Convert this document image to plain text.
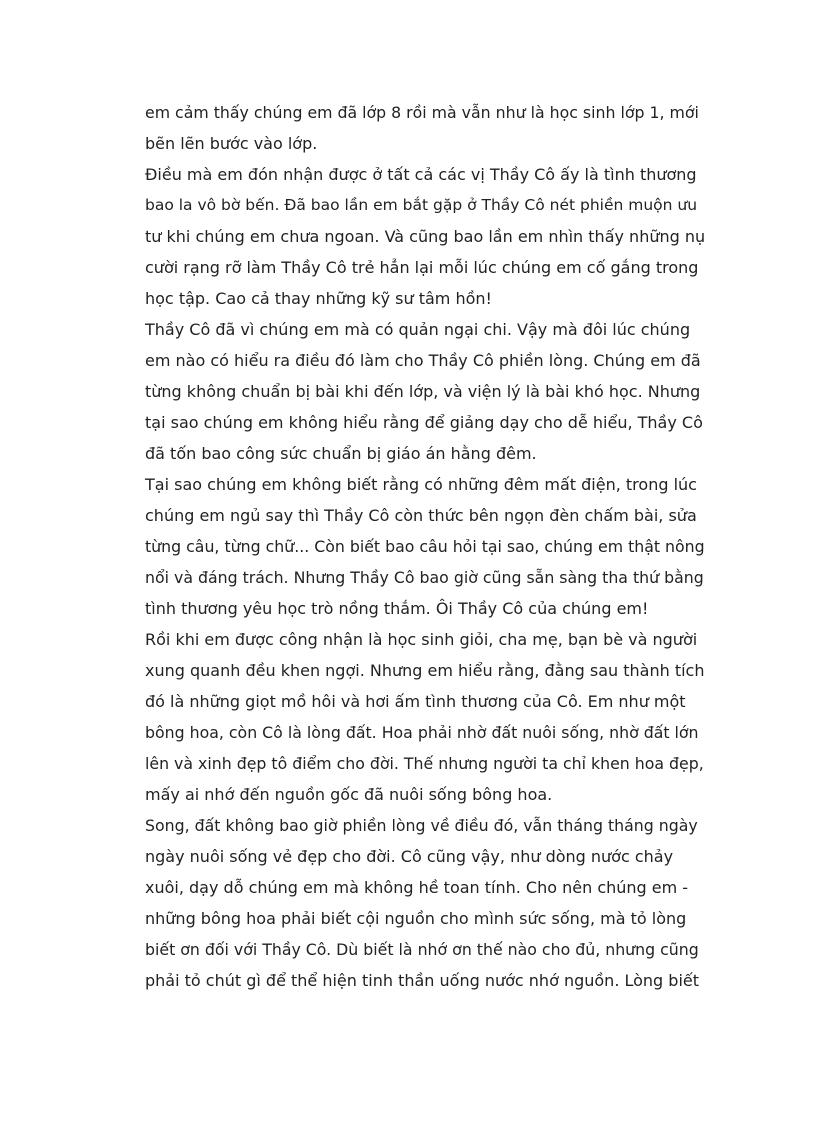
em cảm thấy chúng em đã lớp 8 rồi mà vẫn như là học sinh lớp 1, mới
bẽn lẽn bước vào lớp.
Điều mà em đón nhận được ở tất cả các vị Thầy Cô ấy là tình thương
bao la vô bờ bến. Đã bao lần em bắt gặp ở Thầy Cô nét phiền muộn ưu
tư khi chúng em chưa ngoan. Và cũng bao lần em nhìn thấy những nụ
cười rạng rỡ làm Thầy Cô trẻ hẳn lại mỗi lúc chúng em cố gắng trong
học tập. Cao cả thay những kỹ sư tâm hồn!
Thầy Cô đã vì chúng em mà có quản ngại chi. Vậy mà đôi lúc chúng
em nào có hiểu ra điều đó làm cho Thầy Cô phiền lòng. Chúng em đã
từng không chuẩn bị bài khi đến lớp, và viện lý là bài khó học. Nhưng
tại sao chúng em không hiểu rằng để giảng dạy cho dễ hiểu, Thầy Cô
đã tốn bao công sức chuẩn bị giáo án hằng đêm.
Tại sao chúng em không biết rằng có những đêm mất điện, trong lúc
chúng em ngủ say thì Thầy Cô còn thức bên ngọn đèn chấm bài, sửa
từng câu, từng chữ... Còn biết bao câu hỏi tại sao, chúng em thật nông
nổi và đáng trách. Nhưng Thầy Cô bao giờ cũng sẵn sàng tha thứ bằng
tình thương yêu học trò nồng thắm. Ôi Thầy Cô của chúng em!
Rồi khi em được công nhận là học sinh giỏi, cha mẹ, bạn bè và người
xung quanh đều khen ngợi. Nhưng em hiểu rằng, đằng sau thành tích
đó là những giọt mồ hôi và hơi ấm tình thương của Cô. Em như một
bông hoa, còn Cô là lòng đất. Hoa phải nhờ đất nuôi sống, nhờ đất lớn
lên và xinh đẹp tô điểm cho đời. Thế nhưng người ta chỉ khen hoa đẹp,
mấy ai nhớ đến nguồn gốc đã nuôi sống bông hoa.
Song, đất không bao giờ phiền lòng về điều đó, vẫn tháng tháng ngày
ngày nuôi sống vẻ đẹp cho đời. Cô cũng vậy, như dòng nước chảy
xuôi, dạy dỗ chúng em mà không hề toan tính. Cho nên chúng em -
những bông hoa phải biết cội nguồn cho mình sức sống, mà tỏ lòng
biết ơn đối với Thầy Cô. Dù biết là nhớ ơn thế nào cho đủ, nhưng cũng
phải tỏ chút gì để thể hiện tinh thần uống nước nhớ nguồn. Lòng biết
